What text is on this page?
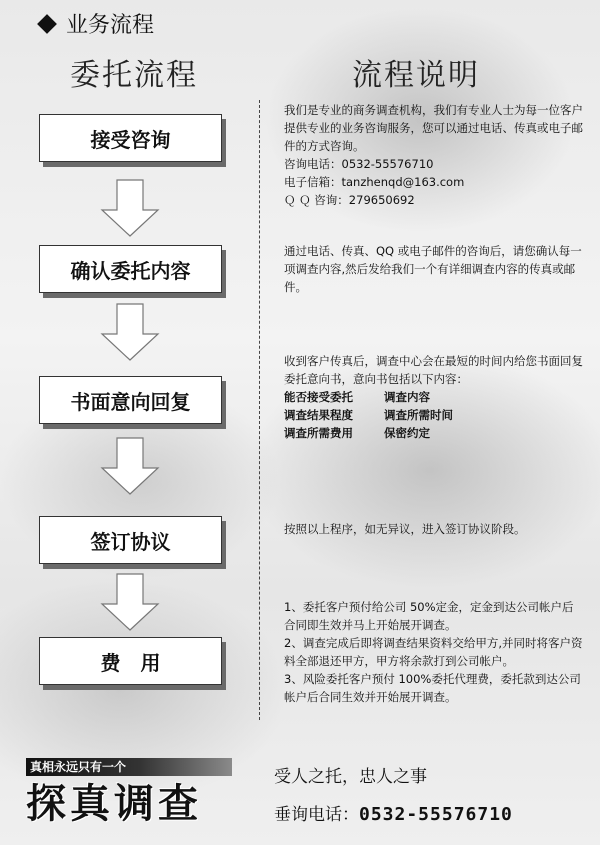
业务流程
委托流程	流程说明
接受咨询
确认委托内容
书面意向回复
签订协议
费　用

我们是专业的商务调查机构，我们有专业人士为每一位客户提供专业的业务咨询服务，您可以通过电话、传真或电子邮件的方式咨询。

咨询电话：0532-55576710

电子信箱：tanzhenqd@163.com

Ｑ Ｑ 咨询：279650692

通过电话、传真、QQ 或电子邮件的咨询后，请您确认每一项调查内容,然后发给我们一个有详细调查内容的传真或邮件。

收到客户传真后，调查中心会在最短的时间内给您书面回复委托意向书，意向书包括以下内容：

能否接受委托	调查内容
调查结果程度	调查所需时间
调查所需费用	保密约定

按照以上程序，如无异议，进入签订协议阶段。

1、委托客户预付给公司 50%定金，定金到达公司帐户后合同即生效并马上开始展开调查。

2、调查完成后即将调查结果资料交给甲方,并同时将客户资料全部退还甲方，甲方将余款打到公司帐户。

3、风险委托客户预付 100%委托代理费，委托款到达公司帐户后合同生效并开始展开调查。

真相永远只有一个
探真调查
受人之托，忠人之事
垂询电话：0532-55576710
